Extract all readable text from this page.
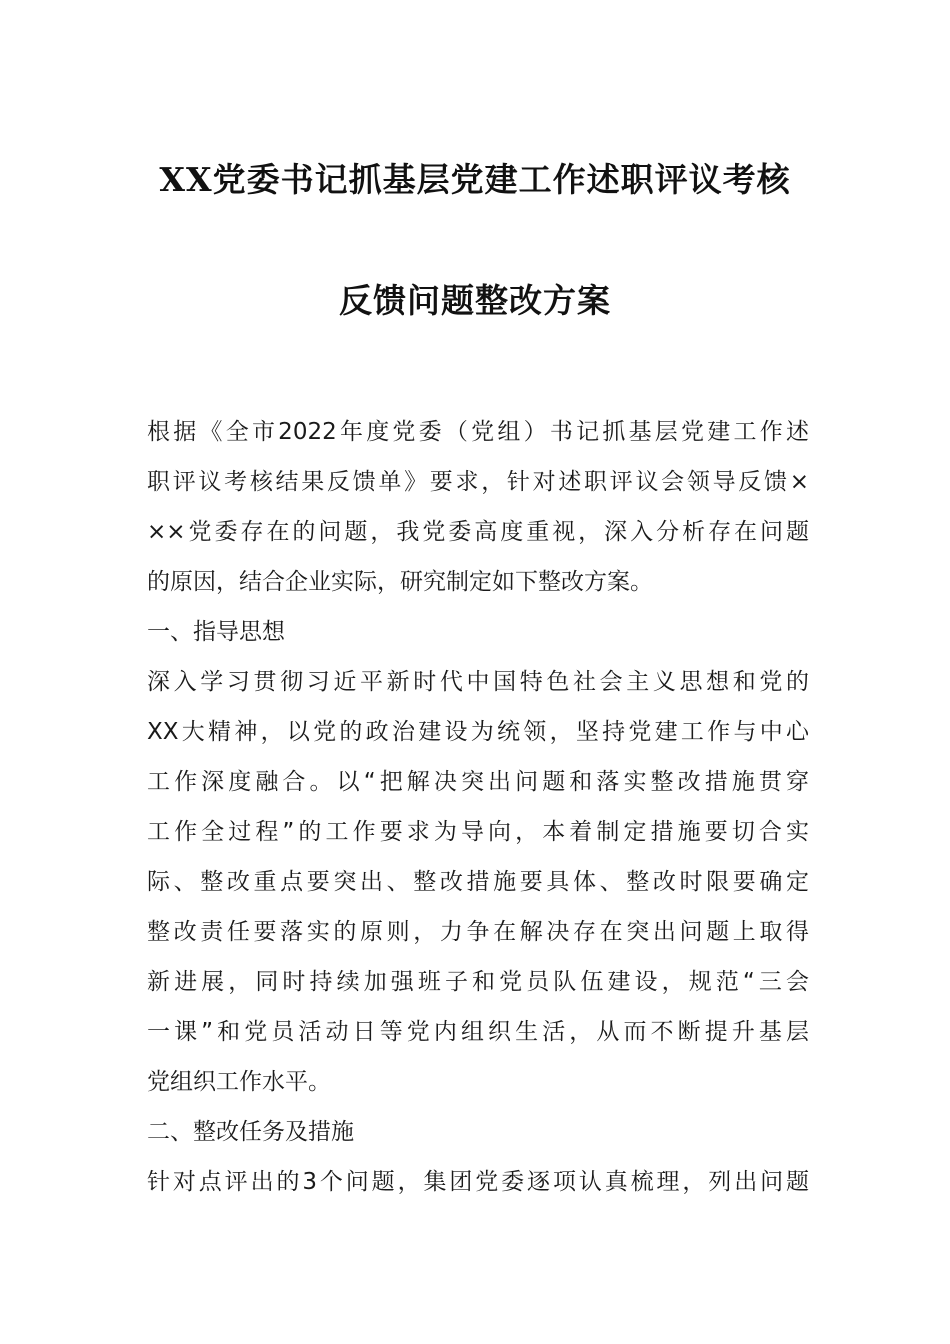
XX党委书记抓基层党建工作述职评议考核
反馈问题整改方案
根据《全市2022年度党委（党组）书记抓基层党建工作述
职评议考核结果反馈单》要求，针对述职评议会领导反馈×
××党委存在的问题，我党委高度重视，深入分析存在问题
的原因，结合企业实际，研究制定如下整改方案。
一、指导思想
深入学习贯彻习近平新时代中国特色社会主义思想和党的
XX大精神，以党的政治建设为统领，坚持党建工作与中心
工作深度融合。以“把解决突出问题和落实整改措施贯穿
工作全过程”的工作要求为导向，本着制定措施要切合实
际、整改重点要突出、整改措施要具体、整改时限要确定
整改责任要落实的原则，力争在解决存在突出问题上取得
新进展，同时持续加强班子和党员队伍建设，规范“三会
一课”和党员活动日等党内组织生活，从而不断提升基层
党组织工作水平。
二、整改任务及措施
针对点评出的3个问题，集团党委逐项认真梳理，列出问题
